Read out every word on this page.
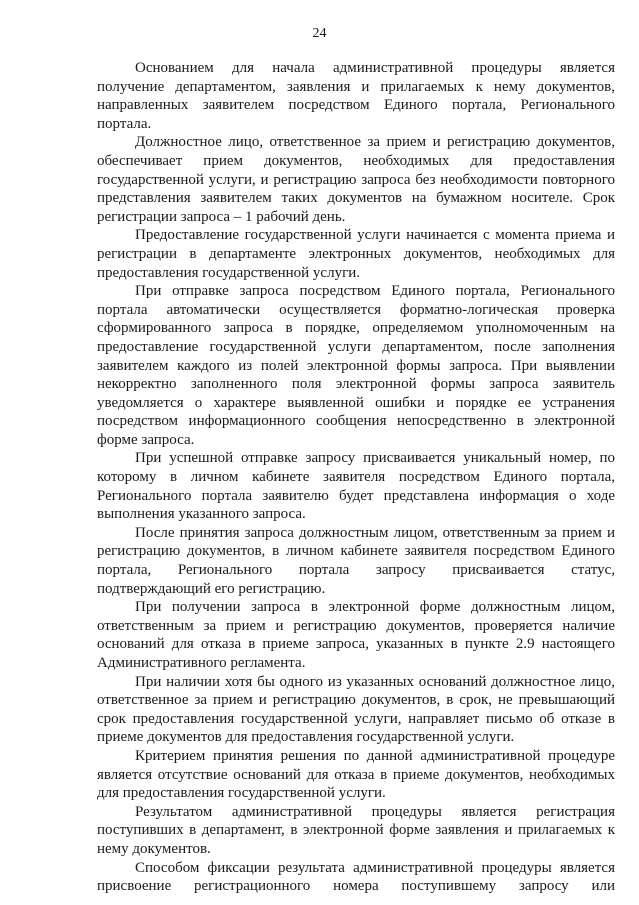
24
Основанием для начала административной процедуры является
получение департаментом, заявления и прилагаемых к нему документов,
направленных заявителем посредством Единого портала, Регионального
портала.
Должностное лицо, ответственное за прием и регистрацию документов,
обеспечивает прием документов, необходимых для предоставления
государственной услуги, и регистрацию запроса без необходимости повторного
представления заявителем таких документов на бумажном носителе. Срок
регистрации запроса – 1 рабочий день.
Предоставление государственной услуги начинается с момента приема и
регистрации в департаменте электронных документов, необходимых для
предоставления государственной услуги.
При отправке запроса посредством Единого портала, Регионального
портала автоматически осуществляется форматно-логическая проверка
сформированного запроса в порядке, определяемом уполномоченным на
предоставление государственной услуги департаментом, после заполнения
заявителем каждого из полей электронной формы запроса. При выявлении
некорректно заполненного поля электронной формы запроса заявитель
уведомляется о характере выявленной ошибки и порядке ее устранения
посредством информационного сообщения непосредственно в электронной
форме запроса.
При успешной отправке запросу присваивается уникальный номер, по
которому в личном кабинете заявителя посредством Единого портала,
Регионального портала заявителю будет представлена информация о ходе
выполнения указанного запроса.
После принятия запроса должностным лицом, ответственным за прием и
регистрацию документов, в личном кабинете заявителя посредством Единого
портала, Регионального портала запросу присваивается статус,
подтверждающий его регистрацию.
При получении запроса в электронной форме должностным лицом,
ответственным за прием и регистрацию документов, проверяется наличие
оснований для отказа в приеме запроса, указанных в пункте 2.9 настоящего
Административного регламента.
При наличии хотя бы одного из указанных оснований должностное лицо,
ответственное за прием и регистрацию документов, в срок, не превышающий
срок предоставления государственной услуги, направляет письмо об отказе в
приеме документов для предоставления государственной услуги.
Критерием принятия решения по данной административной процедуре
является отсутствие оснований для отказа в приеме документов, необходимых
для предоставления государственной услуги.
Результатом административной процедуры является регистрация
поступивших в департамент, в электронной форме заявления и прилагаемых к
нему документов.
Способом фиксации результата административной процедуры является
присвоение регистрационного номера поступившему запросу или
